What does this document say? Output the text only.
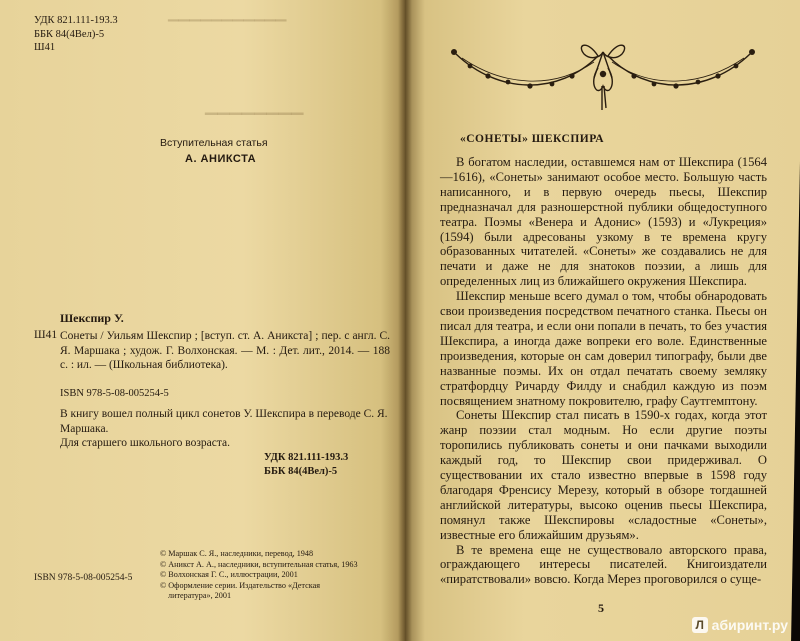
▁▁▁▁▁▁▁▁▁▁▁
▁▁▁▁▁▁▁▁
УДК 821.111-193.3
ББК 84(4Вел)-5
Ш41
Вступительная статья
А. АНИКСТА
Шекспир У.
Ш41 Сонеты / Уильям Шекспир ; [вступ. ст. А. Аникста] ; пер. с англ. С. Я. Маршака ; худож. Г. Волхонская. — М. : Дет. лит., 2014. — 188 с. : ил. — (Школьная библиотека).
ISBN 978-5-08-005254-5
В книгу вошел полный цикл сонетов У. Шекспира в переводе С. Я. Маршака.
Для старшего школьного возраста.
УДК 821.111-193.3
ББК 84(4Вел)-5
© Маршак С. Я., наследники, перевод, 1948
© Аникст А. А., наследники, вступительная статья, 1963
© Волхонская Г. С., иллюстрации, 2001
© Оформление серии. Издательство «Детская
литература», 2001
ISBN 978-5-08-005254-5
«СОНЕТЫ» ШЕКСПИРА

В богатом наследии, оставшемся нам от Шекспира (1564—1616), «Сонеты» занимают особое место. Большую часть написанного, и в первую очередь пьесы, Шекспир предназначал для разношерстной публики общедоступного театра. Поэмы «Венера и Адонис» (1593) и «Лукреция» (1594) были адресованы узкому в те времена кругу образованных читателей. «Сонеты» же создавались не для печати и даже не для знатоков поэзии, а лишь для определенных лиц из ближайшего окружения Шекспира.

Шекспир меньше всего думал о том, чтобы обнародовать свои произведения посредством печатного станка. Пьесы он писал для театра, и если они попали в печать, то без участия Шекспира, а иногда даже вопреки его воле. Единственные произведения, которые он сам доверил типографу, были две названные поэмы. Их он отдал печатать своему земляку стратфордцу Ричарду Филду и снабдил каждую из поэм посвящением знатному покровителю, графу Саутгемптону.

Сонеты Шекспир стал писать в 1590-х годах, когда этот жанр поэзии стал модным. Но если другие поэты торопились публиковать сонеты и они пачками выходили каждый год, то Шекспир свои придерживал. О существовании их стало известно впервые в 1598 году благодаря Френсису Мерезу, который в обзоре тогдашней английской литературы, высоко оценив пьесы Шекспира, помянул также Шекспировы «сладостные «Сонеты», известные его ближайшим друзьям».

В те времена еще не существовало авторского права, ограждающего интересы писателей. Книгоиздатели «пиратствовали» вовсю. Когда Мерез проговорился о суще-

5
Л абиринт.ру
